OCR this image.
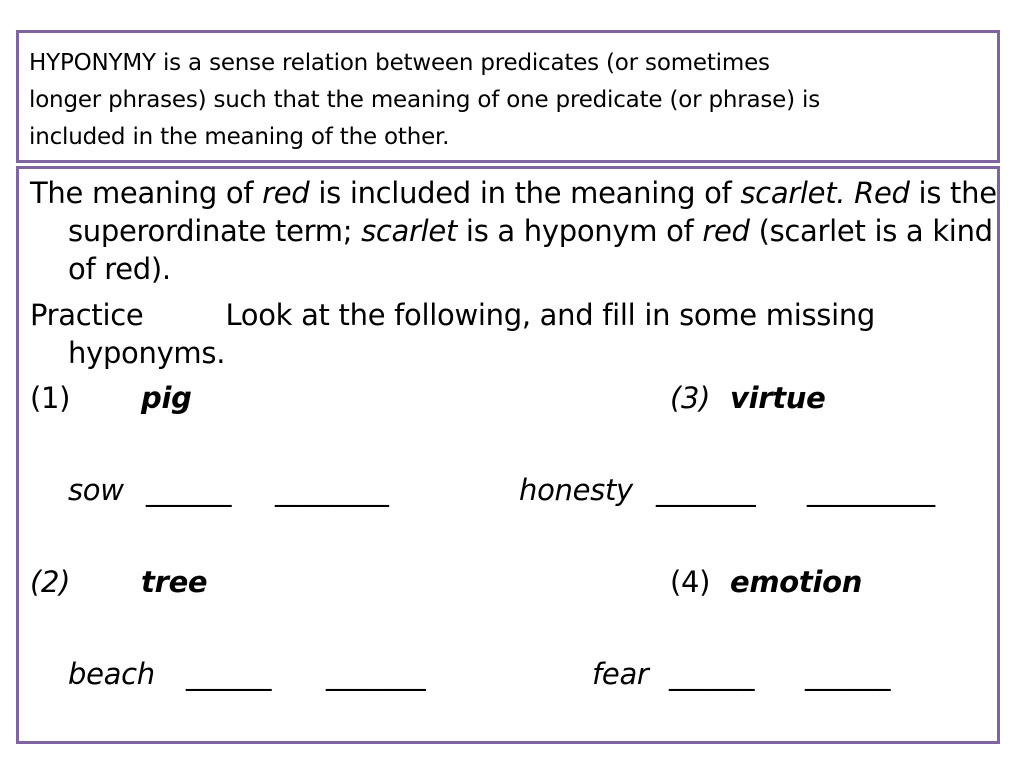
HYPONYMY is a sense relation between predicates (or sometimes
longer phrases) such that the meaning of one predicate (or phrase) is
included in the meaning of the other.
The meaning of red is included in the meaning of scarlet. Red is the superordinate term; scarlet is a hyponym of red (scarlet is a kind of red).
Practice	Look at the following, and fill in some missing hyponyms.
(1) pig	(3) virtue
sow ______ ________	honesty _______ _________
(2) tree	(4) emotion
beach ______ _______	fear ______ ______
